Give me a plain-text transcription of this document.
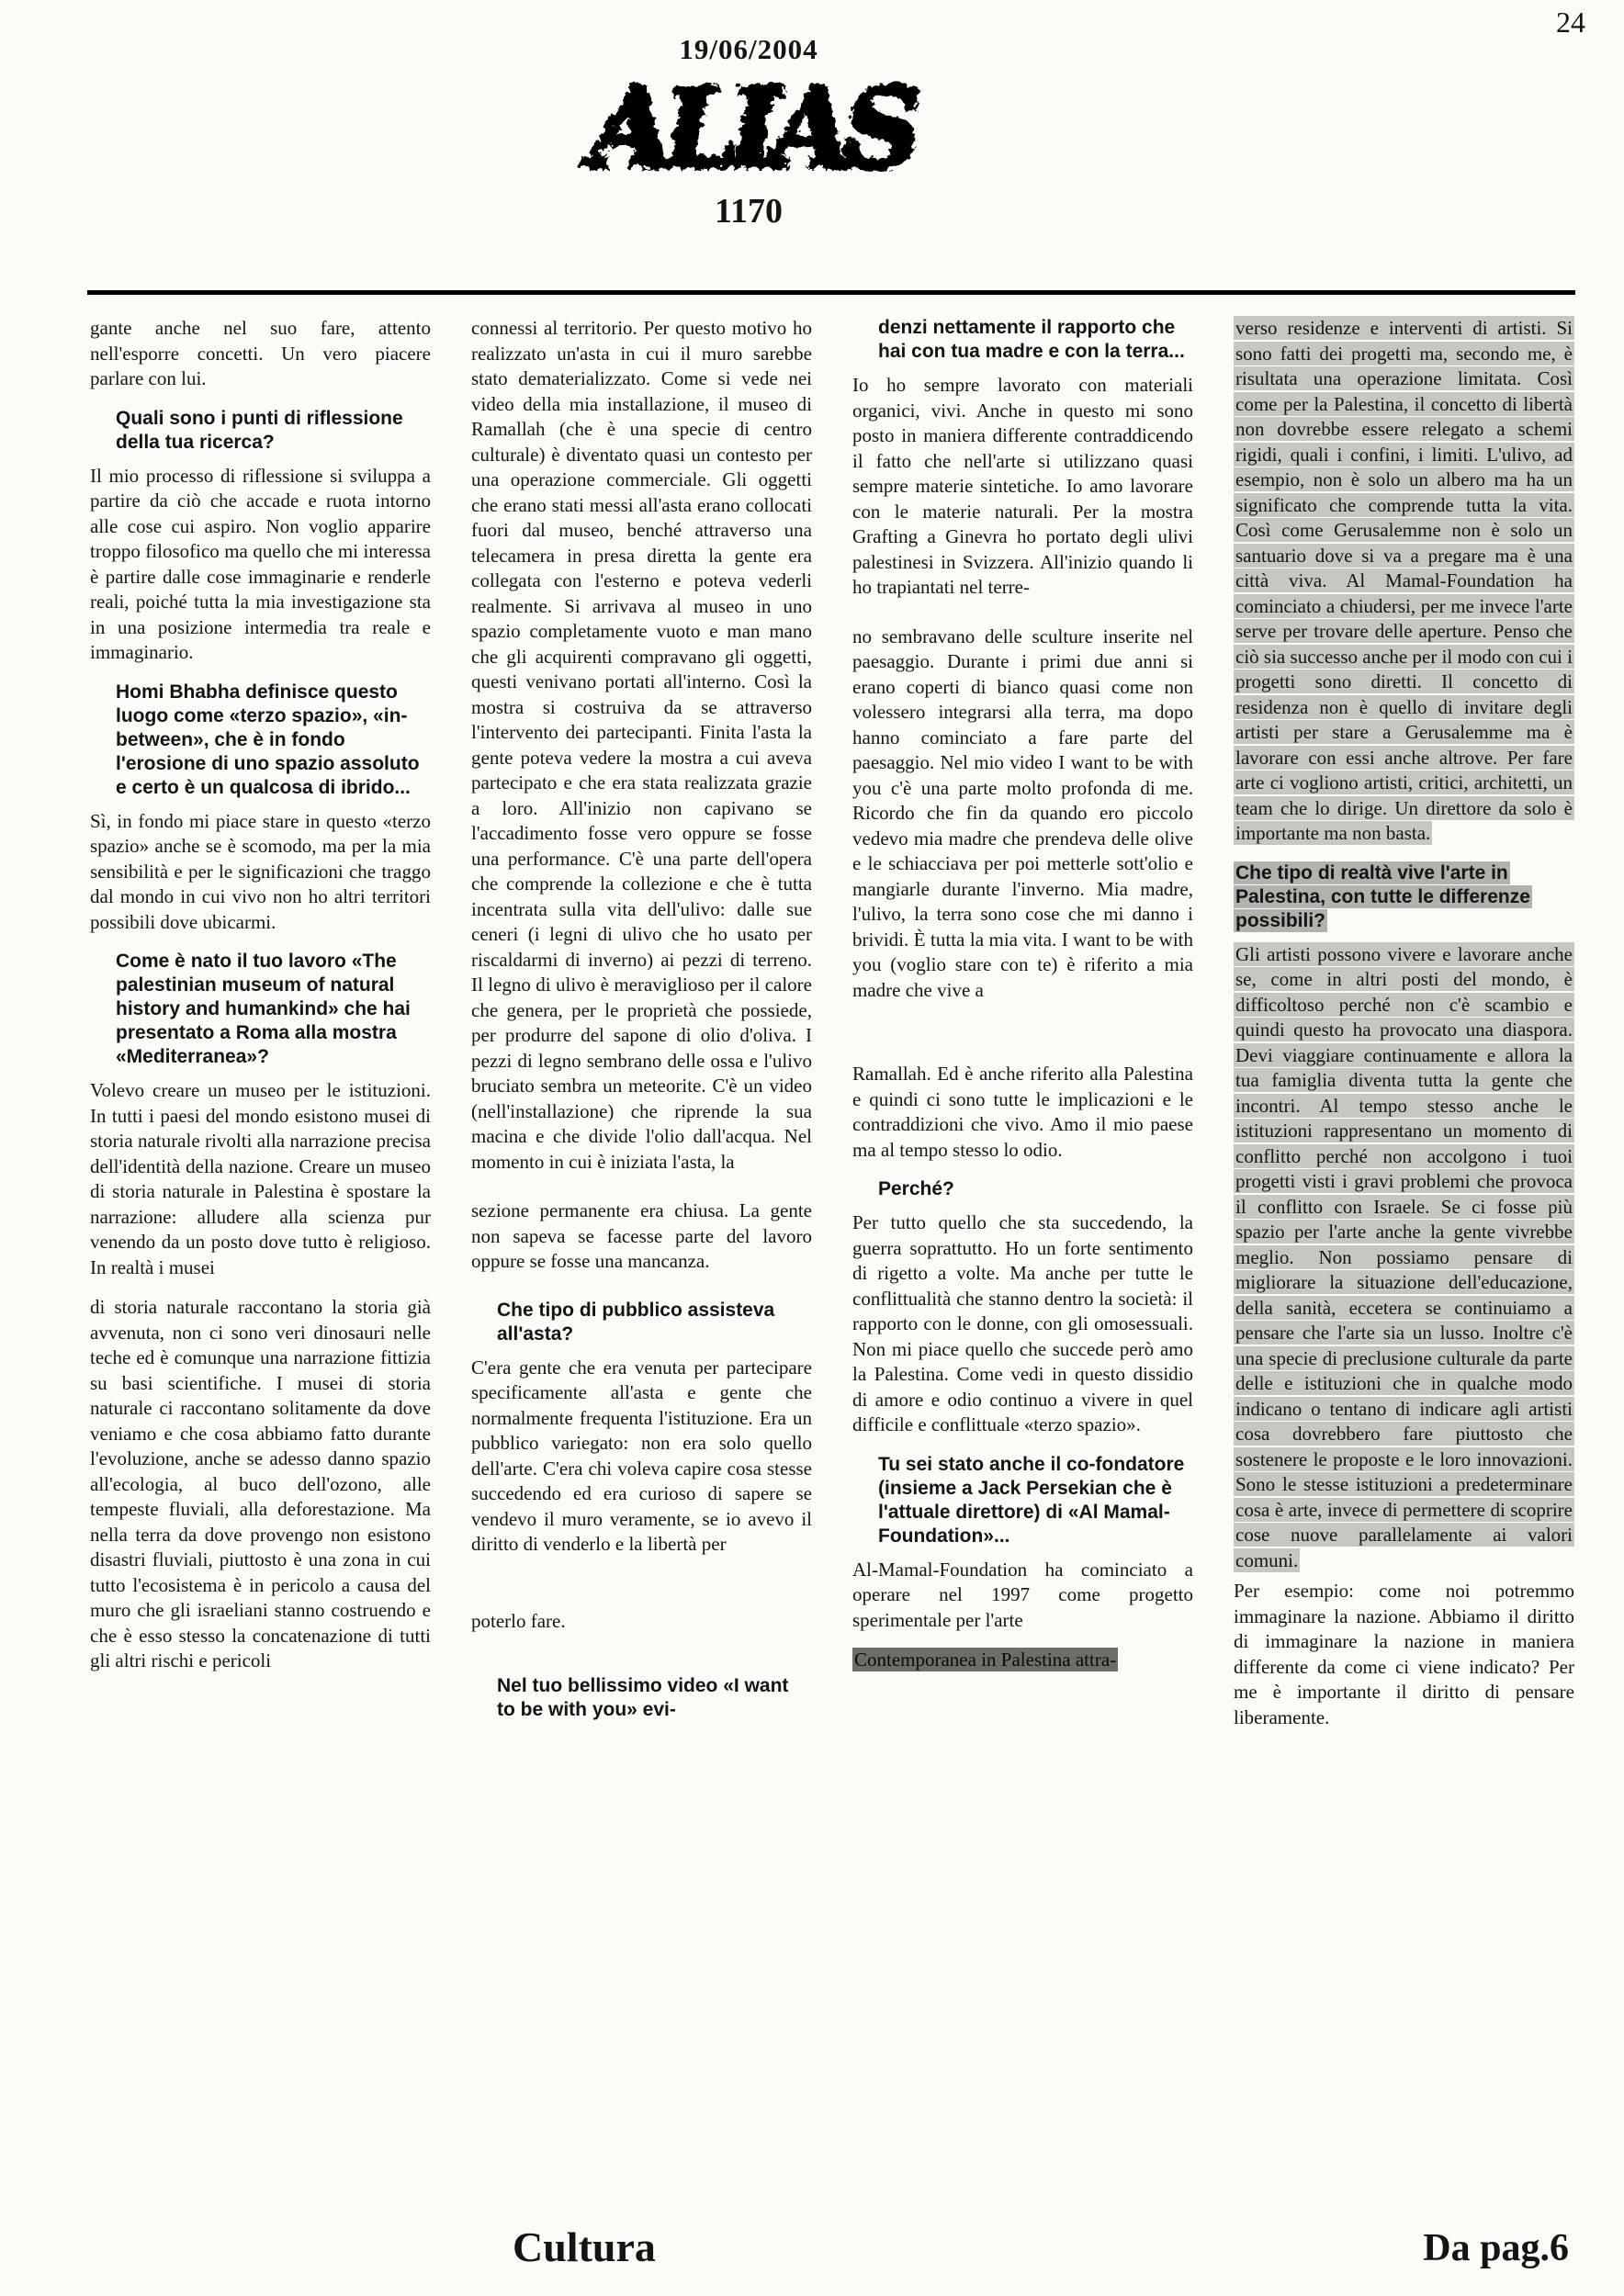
24
19/06/2004
ALIAS
1170

gante anche nel suo fare, attento nell'esporre concetti. Un vero piacere parlare con lui.

Quali sono i punti di riflessione della tua ricerca?

Il mio processo di riflessione si sviluppa a partire da ciò che accade e ruota intorno alle cose cui aspiro. Non voglio apparire troppo filosofico ma quello che mi interessa è partire dalle cose immaginarie e renderle reali, poiché tutta la mia investigazione sta in una posizione intermedia tra reale e immaginario.

Homi Bhabha definisce questo luogo come «terzo spazio», «in-between», che è in fondo l'erosione di uno spazio assoluto e certo è un qualcosa di ibrido...

Sì, in fondo mi piace stare in questo «terzo spazio» anche se è scomodo, ma per la mia sensibilità e per le significazioni che traggo dal mondo in cui vivo non ho altri territori possibili dove ubicarmi.

Come è nato il tuo lavoro «The palestinian museum of natural history and humankind» che hai presentato a Roma alla mostra «Mediterranea»?

Volevo creare un museo per le istituzioni. In tutti i paesi del mondo esistono musei di storia naturale rivolti alla narrazione precisa dell'identità della nazione. Creare un museo di storia naturale in Palestina è spostare la narrazione: alludere alla scienza pur venendo da un posto dove tutto è religioso. In realtà i musei

di storia naturale raccontano la storia già avvenuta, non ci sono veri dinosauri nelle teche ed è comunque una narrazione fittizia su basi scientifiche. I musei di storia naturale ci raccontano solitamente da dove veniamo e che cosa abbiamo fatto durante l'evoluzione, anche se adesso danno spazio all'ecologia, al buco dell'ozono, alle tempeste fluviali, alla deforestazione. Ma nella terra da dove provengo non esistono disastri fluviali, piuttosto è una zona in cui tutto l'ecosistema è in pericolo a causa del muro che gli israeliani stanno costruendo e che è esso stesso la concatenazione di tutti gli altri rischi e pericoli

connessi al territorio. Per questo motivo ho realizzato un'asta in cui il muro sarebbe stato dematerializzato. Come si vede nei video della mia installazione, il museo di Ramallah (che è una specie di centro culturale) è diventato quasi un contesto per una operazione commerciale. Gli oggetti che erano stati messi all'asta erano collocati fuori dal museo, benché attraverso una telecamera in presa diretta la gente era collegata con l'esterno e poteva vederli realmente. Si arrivava al museo in uno spazio completamente vuoto e man mano che gli acquirenti compravano gli oggetti, questi venivano portati all'interno. Così la mostra si costruiva da se attraverso l'intervento dei partecipanti. Finita l'asta la gente poteva vedere la mostra a cui aveva partecipato e che era stata realizzata grazie a loro. All'inizio non capivano se l'accadimento fosse vero oppure se fosse una performance. C'è una parte dell'opera che comprende la collezione e che è tutta incentrata sulla vita dell'ulivo: dalle sue ceneri (i legni di ulivo che ho usato per riscaldarmi di inverno) ai pezzi di terreno. Il legno di ulivo è meraviglioso per il calore che genera, per le proprietà che possiede, per produrre del sapone di olio d'oliva. I pezzi di legno sembrano delle ossa e l'ulivo bruciato sembra un meteorite. C'è un video (nell'installazione) che riprende la sua macina e che divide l'olio dall'acqua. Nel momento in cui è iniziata l'asta, la

sezione permanente era chiusa. La gente non sapeva se facesse parte del lavoro oppure se fosse una mancanza.

Che tipo di pubblico assisteva all'asta?

C'era gente che era venuta per partecipare specificamente all'asta e gente che normalmente frequenta l'istituzione. Era un pubblico variegato: non era solo quello dell'arte. C'era chi voleva capire cosa stesse succedendo ed era curioso di sapere se vendevo il muro veramente, se io avevo il diritto di venderlo e la libertà per

poterlo fare.

Nel tuo bellissimo video «I want to be with you» evi-
denzi nettamente il rapporto che hai con tua madre e con la terra...

Io ho sempre lavorato con materiali organici, vivi. Anche in questo mi sono posto in maniera differente contraddicendo il fatto che nell'arte si utilizzano quasi sempre materie sintetiche. Io amo lavorare con le materie naturali. Per la mostra Grafting a Ginevra ho portato degli ulivi palestinesi in Svizzera. All'inizio quando li ho trapiantati nel terre-

no sembravano delle sculture inserite nel paesaggio. Durante i primi due anni si erano coperti di bianco quasi come non volessero integrarsi alla terra, ma dopo hanno cominciato a fare parte del paesaggio. Nel mio video I want to be with you c'è una parte molto profonda di me. Ricordo che fin da quando ero piccolo vedevo mia madre che prendeva delle olive e le schiacciava per poi metterle sott'olio e mangiarle durante l'inverno. Mia madre, l'ulivo, la terra sono cose che mi danno i brividi. È tutta la mia vita. I want to be with you (voglio stare con te) è riferito a mia madre che vive a

Ramallah. Ed è anche riferito alla Palestina e quindi ci sono tutte le implicazioni e le contraddizioni che vivo. Amo il mio paese ma al tempo stesso lo odio.

Perché?

Per tutto quello che sta succedendo, la guerra soprattutto. Ho un forte sentimento di rigetto a volte. Ma anche per tutte le conflittualità che stanno dentro la società: il rapporto con le donne, con gli omosessuali. Non mi piace quello che succede però amo la Palestina. Come vedi in questo dissidio di amore e odio continuo a vivere in quel difficile e conflittuale «terzo spazio».

Tu sei stato anche il co-fondatore (insieme a Jack Persekian che è l'attuale direttore) di «Al Mamal-Foundation»...

Al-Mamal-Foundation ha cominciato a operare nel 1997 come progetto sperimentale per l'arte

Contemporanea in Palestina attra-

verso residenze e interventi di artisti. Si sono fatti dei progetti ma, secondo me, è risultata una operazione limitata. Così come per la Palestina, il concetto di libertà non dovrebbe essere relegato a schemi rigidi, quali i confini, i limiti. L'ulivo, ad esempio, non è solo un albero ma ha un significato che comprende tutta la vita. Così come Gerusalemme non è solo un santuario dove si va a pregare ma è una città viva. Al Mamal-Foundation ha cominciato a chiudersi, per me invece l'arte serve per trovare delle aperture. Penso che ciò sia successo anche per il modo con cui i progetti sono diretti. Il concetto di residenza non è quello di invitare degli artisti per stare a Gerusalemme ma è lavorare con essi anche altrove. Per fare arte ci vogliono artisti, critici, architetti, un team che lo dirige. Un direttore da solo è importante ma non basta.

Che tipo di realtà vive l'arte in Palestina, con tutte le differenze possibili?

Gli artisti possono vivere e lavorare anche se, come in altri posti del mondo, è difficoltoso perché non c'è scambio e quindi questo ha provocato una diaspora. Devi viaggiare continuamente e allora la tua famiglia diventa tutta la gente che incontri. Al tempo stesso anche le istituzioni rappresentano un momento di conflitto perché non accolgono i tuoi progetti visti i gravi problemi che provoca il conflitto con Israele. Se ci fosse più spazio per l'arte anche la gente vivrebbe meglio. Non possiamo pensare di migliorare la situazione dell'educazione, della sanità, eccetera se continuiamo a pensare che l'arte sia un lusso. Inoltre c'è una specie di preclusione culturale da parte delle e istituzioni che in qualche modo indicano o tentano di indicare agli artisti cosa dovrebbero fare piuttosto che sostenere le proposte e le loro innovazioni. Sono le stesse istituzioni a predeterminare cosa è arte, invece di permettere di scoprire cose nuove parallelamente ai valori comuni.

Per esempio: come noi potremmo immaginare la nazione. Abbiamo il diritto di immaginare la nazione in maniera differente da come ci viene indicato? Per me è importante il diritto di pensare liberamente.

Cultura	Da pag.6
